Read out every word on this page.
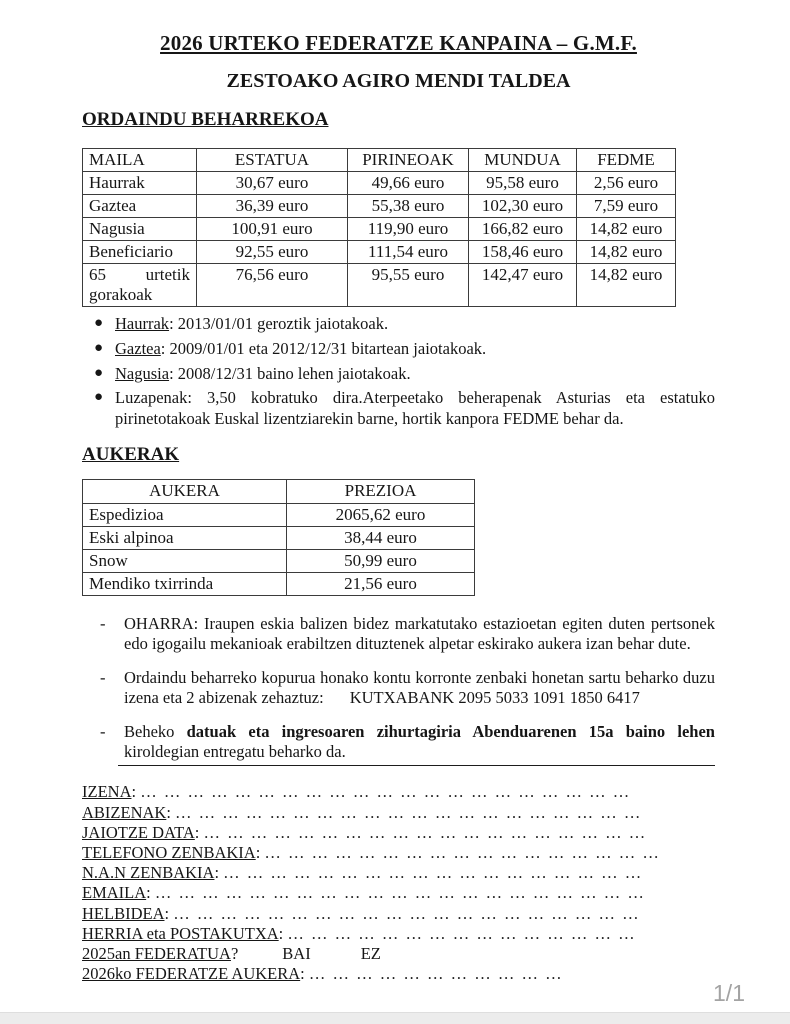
2026 URTEKO FEDERATZE KANPAINA – G.M.F.
ZESTOAKO AGIRO MENDI TALDEA
ORDAINDU BEHARREKOA
MAILA	ESTATUA	PIRINEOAK	MUNDUA	FEDME
Haurrak	30,67 euro	49,66 euro	95,58 euro	2,56 euro
Gaztea	36,39 euro	55,38 euro	102,30 euro	7,59 euro
Nagusia	100,91 euro	119,90 euro	166,82 euro	14,82 euro
Beneficiario	92,55 euro	111,54 euro	158,46 euro	14,82 euro
65 urtetik gorakoak	76,56 euro	95,55 euro	142,47 euro	14,82 euro
● Haurrak: 2013/01/01 geroztik jaiotakoak.
● Gaztea: 2009/01/01 eta 2012/12/31 bitartean jaiotakoak.
● Nagusia: 2008/12/31 baino lehen jaiotakoak.
● Luzapenak: 3,50 kobratuko dira.Aterpeetako beherapenak Asturias eta estatuko pirinetotakoak Euskal lizentziarekin barne, hortik kanpora FEDME behar da.
AUKERAK
AUKERA	PREZIOA
Espedizioa	2065,62 euro
Eski alpinoa	38,44 euro
Snow	50,99 euro
Mendiko txirrinda	21,56 euro
-	OHARRA: Iraupen eskia balizen bidez markatutako estazioetan egiten duten pertsonek edo igogailu mekanioak erabiltzen dituztenek alpetar eskirako aukera izan behar dute.
-	Ordaindu beharreko kopurua honako kontu korronte zenbaki honetan sartu beharko duzu izena eta 2 abizenak zehaztuz: KUTXABANK 2095 5033 1091 1850 6417
-	Beheko datuak eta ingresoaren zihurtagiria Abenduarenen 15a baino lehen kiroldegian entregatu beharko da.
IZENA: … … … … … … … … … … … … … … … … … … … … …
ABIZENAK: … … … … … … … … … … … … … … … … … … … …
JAIOTZE DATA: … … … … … … … … … … … … … … … … … … …
TELEFONO ZENBAKIA: … … … … … … … … … … … … … … … … …
N.A.N ZENBAKIA: … … … … … … … … … … … … … … … … … …
EMAILA: … … … … … … … … … … … … … … … … … … … … …
HELBIDEA: … … … … … … … … … … … … … … … … … … … …
HERRIA eta POSTAKUTXA: … … … … … … … … … … … … … … …
2025an FEDERATUA?	BAI	EZ
2026ko FEDERATZE AUKERA: … … … … … … … … … … …
1/1
